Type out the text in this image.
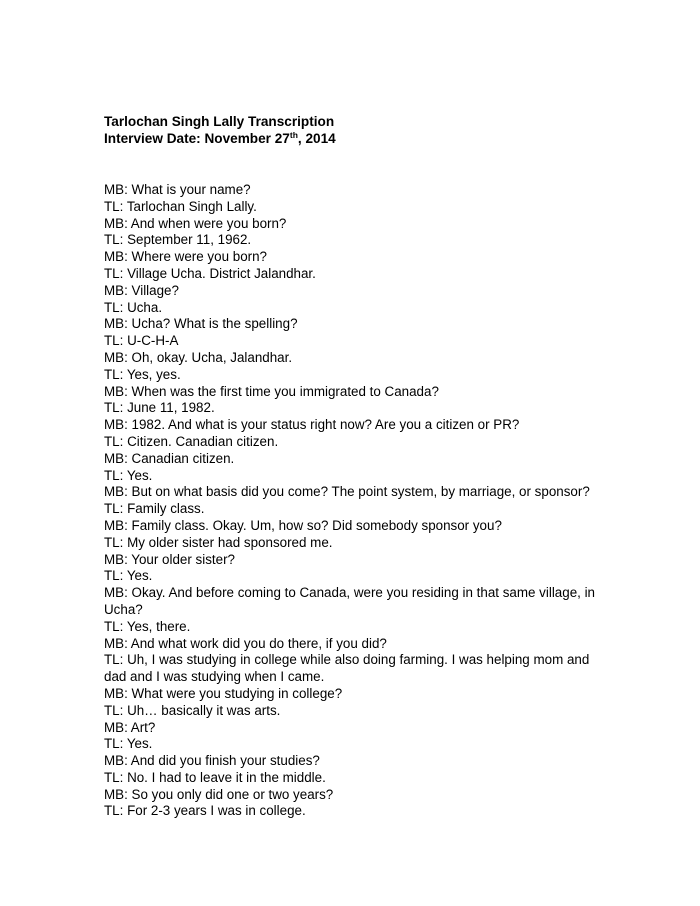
Tarlochan Singh Lally Transcription
Interview Date: November 27th, 2014
MB: What is your name?
TL: Tarlochan Singh Lally.
MB: And when were you born?
TL: September 11, 1962.
MB: Where were you born?
TL: Village Ucha. District Jalandhar.
MB: Village?
TL: Ucha.
MB: Ucha? What is the spelling?
TL: U-C-H-A
MB: Oh, okay. Ucha, Jalandhar.
TL: Yes, yes.
MB: When was the first time you immigrated to Canada?
TL: June 11, 1982.
MB: 1982. And what is your status right now? Are you a citizen or PR?
TL: Citizen. Canadian citizen.
MB: Canadian citizen.
TL: Yes.
MB: But on what basis did you come? The point system, by marriage, or sponsor?
TL: Family class.
MB: Family class. Okay. Um, how so? Did somebody sponsor you?
TL: My older sister had sponsored me.
MB: Your older sister?
TL: Yes.
MB: Okay. And before coming to Canada, were you residing in that same village, in Ucha?
TL: Yes, there.
MB: And what work did you do there, if you did?
TL: Uh, I was studying in college while also doing farming. I was helping mom and dad and I was studying when I came.
MB: What were you studying in college?
TL: Uh… basically it was arts.
MB: Art?
TL: Yes.
MB: And did you finish your studies?
TL: No. I had to leave it in the middle.
MB: So you only did one or two years?
TL: For 2-3 years I was in college.
